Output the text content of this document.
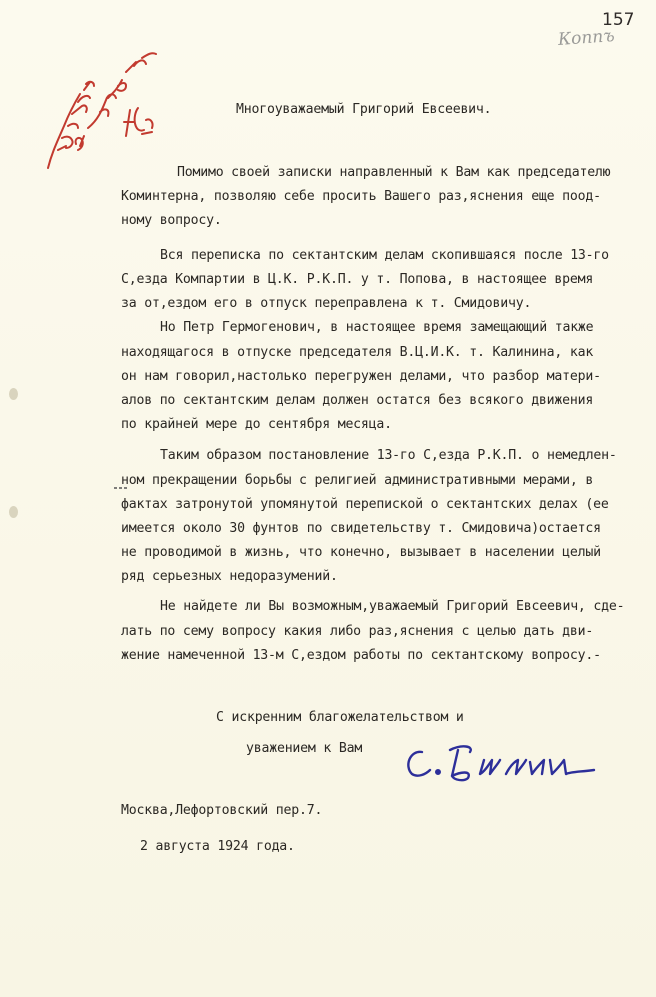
157
Коппъ
Коминтерн Р. Смидович И. Ст.
Многоуважаемый Григорий Евсеевич.
Помимо своей записки направленный к Вам как председателю
Коминтерна, позволяю себе просить Вашего раз,яснения еще поод-
ному вопросу.
Вся переписка по сектантским делам скопившаяся после 13-го
С,езда Компартии в Ц.К. Р.К.П. у т. Попова, в настоящее время
за от,ездом его в отпуск переправлена к т. Смидовичу.
Но Петр Гермогенович, в настоящее время замещающий также
находящагося в отпуске председателя В.Ц.И.К. т. Калинина, как
он нам говорил,настолько перегружен делами, что разбор матери-
алов по сектантским делам должен остатся без всякого движения
по крайней мере до сентября месяца.
Таким образом постановление 13-го С,езда Р.К.П. о немедлен-
ном прекращении борьбы с религией административными мерами, в
фактах затронутой упомянутой перепиской о сектантских делах (ее
имеется около 30 фунтов по свидетельству т. Смидовича)остается
не проводимой в жизнь, что конечно, вызывает в населении целый
ряд серьезных недоразумений.
Не найдете ли Вы возможным,уважаемый Григорий Евсеевич, сде-
лать по сему вопросу какия либо раз,яснения с целью дать дви-
жение намеченной 13-м С,ездом работы по сектантскому вопросу.-
С искренним благожелательством и
уважением к Вам
С. Булыгин
Москва,Лефортовский пер.7.
2 августа 1924 года.
